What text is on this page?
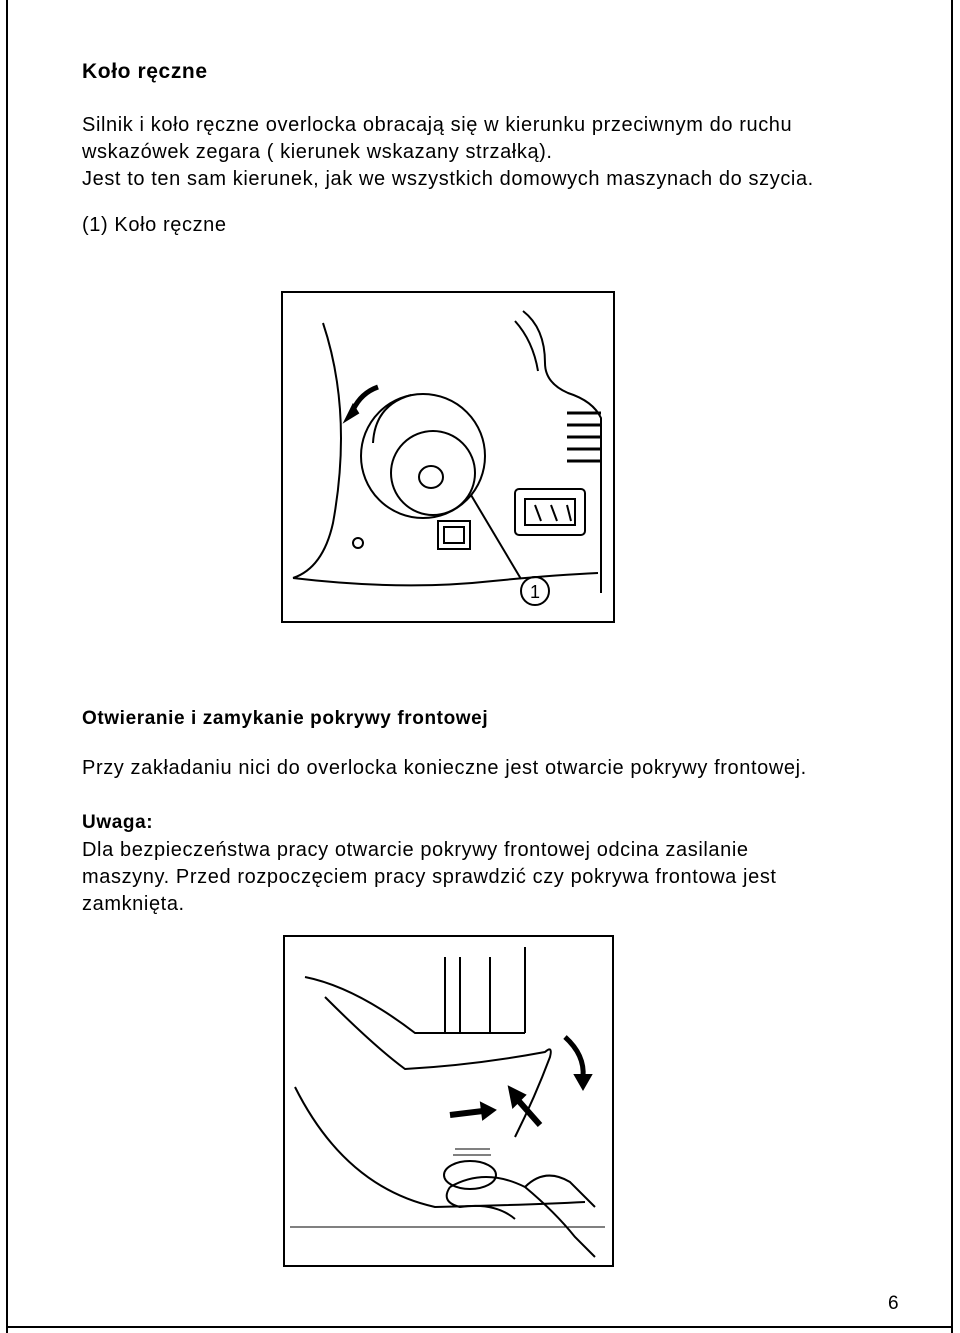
Koło ręczne
Silnik i koło ręczne overlocka obracają się w kierunku przeciwnym do ruchu
wskazówek zegara ( kierunek wskazany strzałką).
Jest to ten sam kierunek, jak we wszystkich domowych maszynach do szycia.
(1) Koło ręczne
1
Otwieranie i zamykanie pokrywy frontowej
Przy zakładaniu nici do overlocka konieczne jest otwarcie pokrywy frontowej.
Uwaga:
Dla bezpieczeństwa pracy otwarcie pokrywy frontowej odcina zasilanie
maszyny. Przed rozpoczęciem pracy sprawdzić czy pokrywa frontowa jest
zamknięta.
6
